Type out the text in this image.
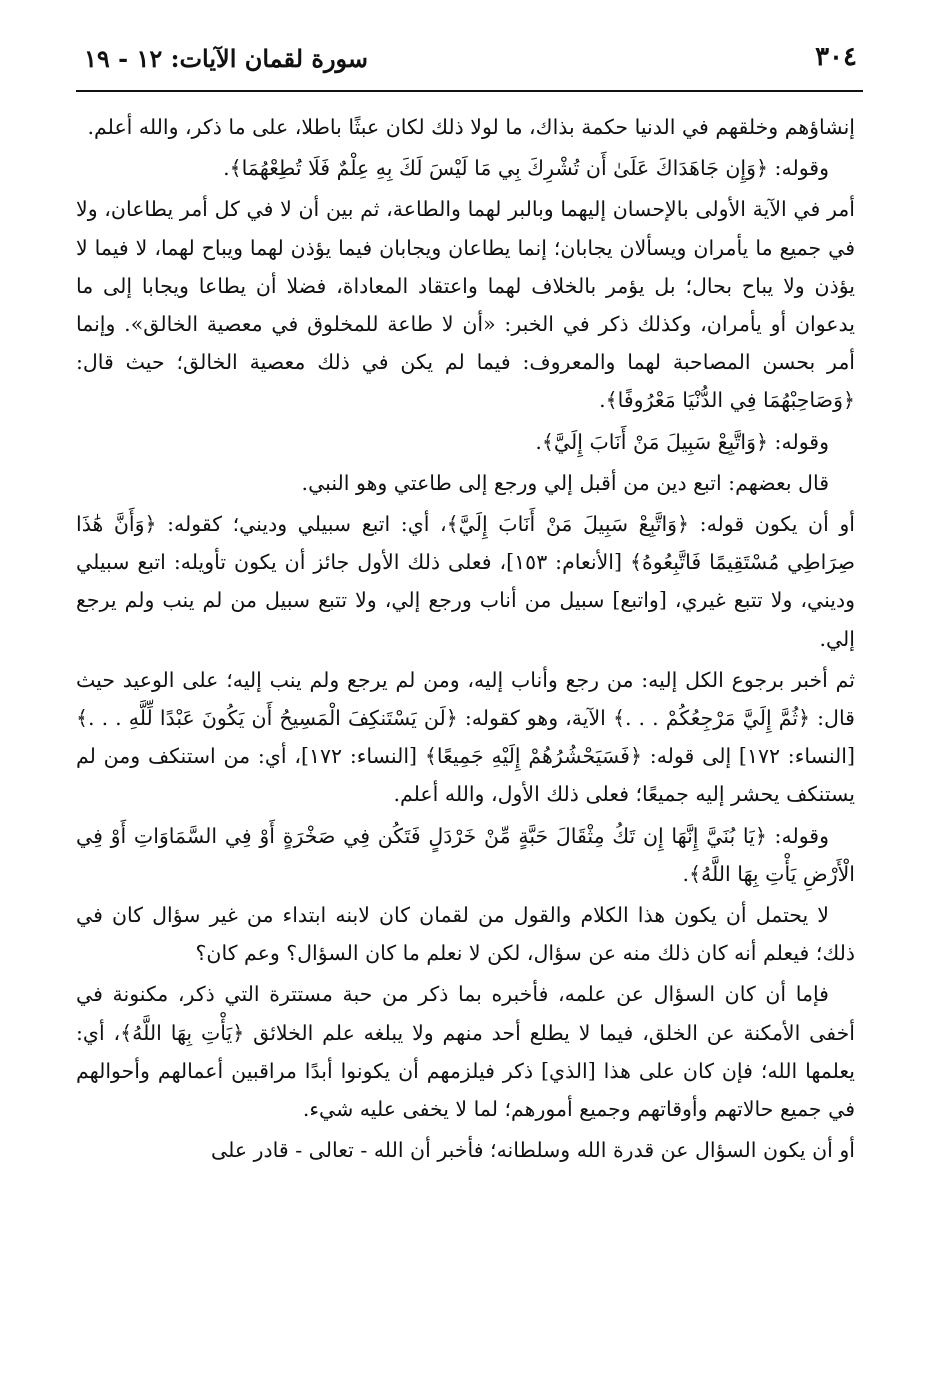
٣٠٤
سورة لقمان الآيات: ١٢ - ١٩

إنشاؤهم وخلقهم في الدنيا حكمة بذاك، ما لولا ذلك لكان عبثًا باطلا، على ما ذكر، والله أعلم.

وقوله: ﴿وَإِن جَاهَدَاكَ عَلَىٰ أَن تُشْرِكَ بِي مَا لَيْسَ لَكَ بِهِ عِلْمٌ فَلَا تُطِعْهُمَا﴾.

أمر في الآية الأولى بالإحسان إليهما وبالبر لهما والطاعة، ثم بين أن لا في كل أمر يطاعان، ولا في جميع ما يأمران ويسألان يجابان؛ إنما يطاعان ويجابان فيما يؤذن لهما ويباح لهما، لا فيما لا يؤذن ولا يباح بحال؛ بل يؤمر بالخلاف لهما واعتقاد المعاداة، فضلا أن يطاعا ويجابا إلى ما يدعوان أو يأمران، وكذلك ذكر في الخبر: «أن لا طاعة للمخلوق في معصية الخالق». وإنما أمر بحسن المصاحبة لهما والمعروف: فيما لم يكن في ذلك معصية الخالق؛ حيث قال: ﴿وَصَاحِبْهُمَا فِي الدُّنْيَا مَعْرُوفًا﴾.

وقوله: ﴿وَاتَّبِعْ سَبِيلَ مَنْ أَنَابَ إِلَيَّ﴾.

قال بعضهم: اتبع دين من أقبل إلي ورجع إلى طاعتي وهو النبي.

أو أن يكون قوله: ﴿وَاتَّبِعْ سَبِيلَ مَنْ أَنَابَ إِلَيَّ﴾، أي: اتبع سبيلي وديني؛ كقوله: ﴿وَأَنَّ هَٰذَا صِرَاطِي مُسْتَقِيمًا فَاتَّبِعُوهُ﴾ [الأنعام: ١٥٣]، فعلى ذلك الأول جائز أن يكون تأويله: اتبع سبيلي وديني، ولا تتبع غيري، [واتبع] سبيل من أناب ورجع إلي، ولا تتبع سبيل من لم ينب ولم يرجع إلي.

ثم أخبر برجوع الكل إليه: من رجع وأناب إليه، ومن لم يرجع ولم ينب إليه؛ على الوعيد حيث قال: ﴿ثُمَّ إِلَيَّ مَرْجِعُكُمْ . . .﴾ الآية، وهو كقوله: ﴿لَن يَسْتَنكِفَ الْمَسِيحُ أَن يَكُونَ عَبْدًا لِّلَّهِ . . .﴾ [النساء: ١٧٢] إلى قوله: ﴿فَسَيَحْشُرُهُمْ إِلَيْهِ جَمِيعًا﴾ [النساء: ١٧٢]، أي: من استنكف ومن لم يستنكف يحشر إليه جميعًا؛ فعلى ذلك الأول، والله أعلم.

وقوله: ﴿يَا بُنَيَّ إِنَّهَا إِن تَكُ مِثْقَالَ حَبَّةٍ مِّنْ خَرْدَلٍ فَتَكُن فِي صَخْرَةٍ أَوْ فِي السَّمَاوَاتِ أَوْ فِي الْأَرْضِ يَأْتِ بِهَا اللَّهُ﴾.

لا يحتمل أن يكون هذا الكلام والقول من لقمان كان لابنه ابتداء من غير سؤال كان في ذلك؛ فيعلم أنه كان ذلك منه عن سؤال، لكن لا نعلم ما كان السؤال؟ وعم كان؟

فإما أن كان السؤال عن علمه، فأخبره بما ذكر من حبة مستترة التي ذكر، مكنونة في أخفى الأمكنة عن الخلق، فيما لا يطلع أحد منهم ولا يبلغه علم الخلائق ﴿يَأْتِ بِهَا اللَّهُ﴾، أي: يعلمها الله؛ فإن كان على هذا [الذي] ذكر فيلزمهم أن يكونوا أبدًا مراقبين أعمالهم وأحوالهم في جميع حالاتهم وأوقاتهم وجميع أمورهم؛ لما لا يخفى عليه شيء.

أو أن يكون السؤال عن قدرة الله وسلطانه؛ فأخبر أن الله - تعالى - قادر على
